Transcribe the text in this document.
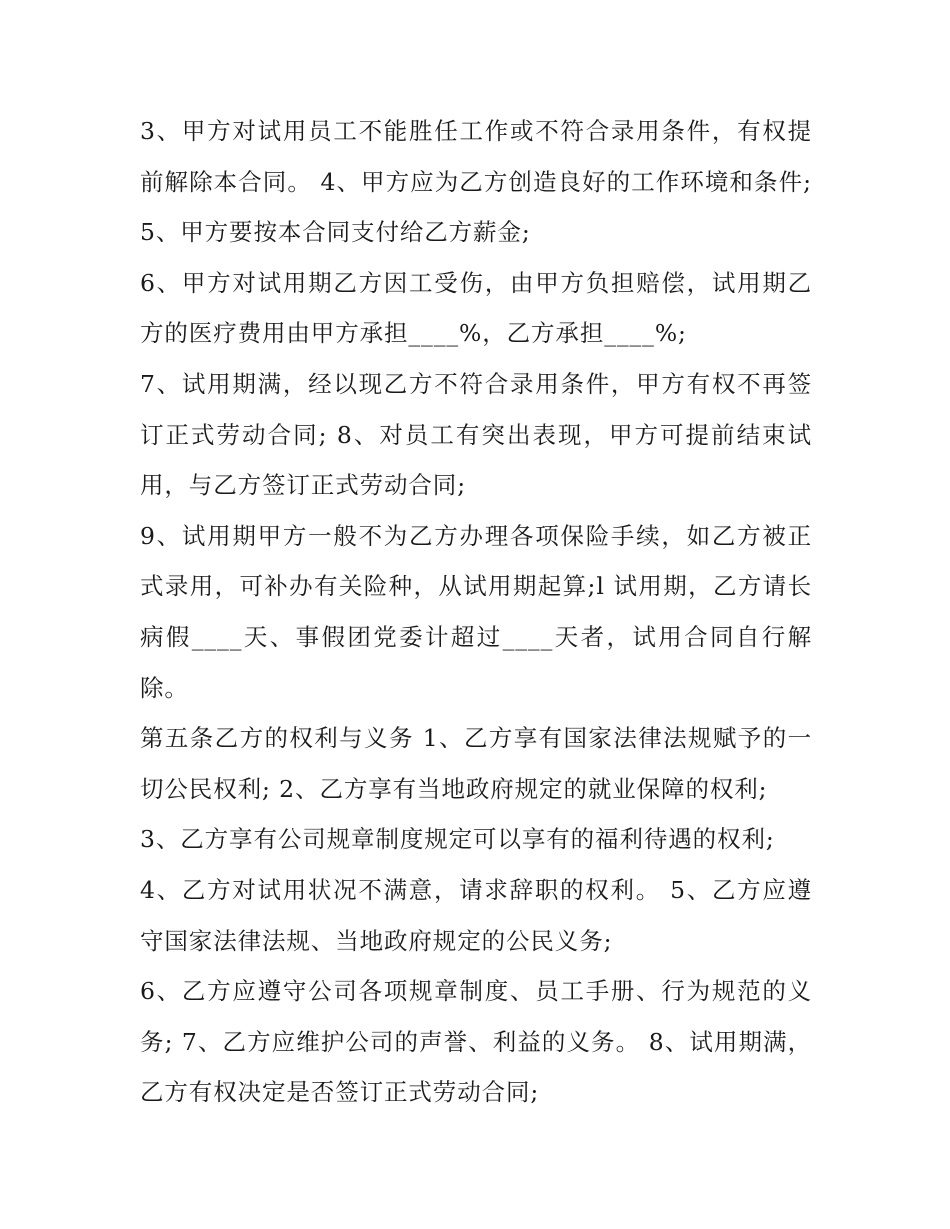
3、甲方对试用员工不能胜任工作或不符合录用条件，有权提前解除本合同。 4、甲方应为乙方创造良好的工作环境和条件; 5、甲方要按本合同支付给乙方薪金;

6、甲方对试用期乙方因工受伤，由甲方负担赔偿，试用期乙方的医疗费用由甲方承担____%，乙方承担____%;

7、试用期满，经以现乙方不符合录用条件，甲方有权不再签订正式劳动合同; 8、对员工有突出表现，甲方可提前结束试用，与乙方签订正式劳动合同;

9、试用期甲方一般不为乙方办理各项保险手续，如乙方被正式录用，可补办有关险种，从试用期起算;l 试用期，乙方请长病假____天、事假团党委计超过____天者，试用合同自行解除。

第五条乙方的权利与义务 1、乙方享有国家法律法规赋予的一切公民权利; 2、乙方享有当地政府规定的就业保障的权利;

3、乙方享有公司规章制度规定可以享有的福利待遇的权利;

4、乙方对试用状况不满意，请求辞职的权利。 5、乙方应遵守国家法律法规、当地政府规定的公民义务;

6、乙方应遵守公司各项规章制度、员工手册、行为规范的义务; 7、乙方应维护公司的声誉、利益的义务。 8、试用期满，乙方有权决定是否签订正式劳动合同;
